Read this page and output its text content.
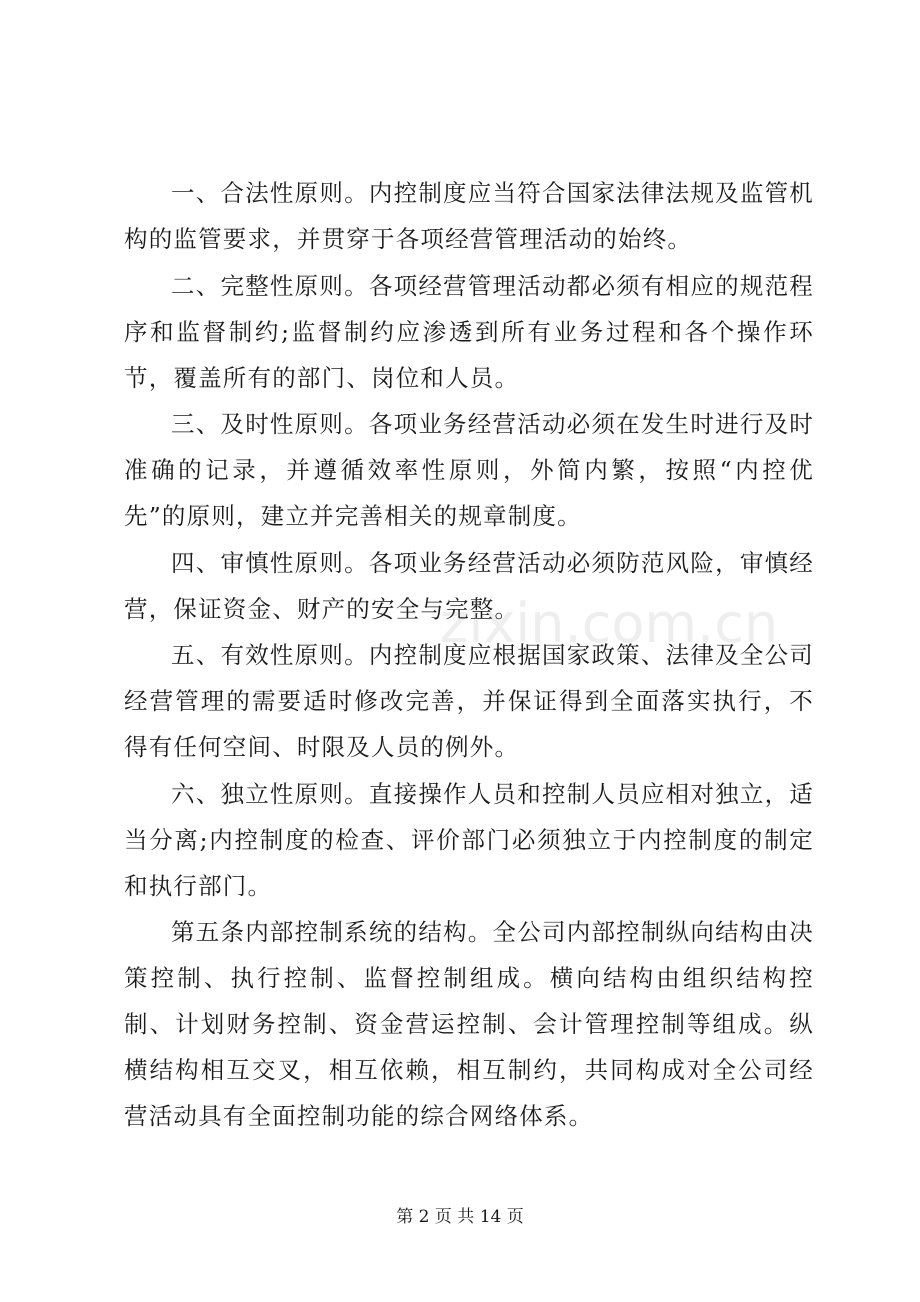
一、合法性原则。内控制度应当符合国家法律法规及监管机构的监管要求，并贯穿于各项经营管理活动的始终。

二、完整性原则。各项经营管理活动都必须有相应的规范程序和监督制约;监督制约应渗透到所有业务过程和各个操作环节，覆盖所有的部门、岗位和人员。

三、及时性原则。各项业务经营活动必须在发生时进行及时准确的记录，并遵循效率性原则，外简内繁，按照“内控优先”的原则，建立并完善相关的规章制度。

四、审慎性原则。各项业务经营活动必须防范风险，审慎经营，保证资金、财产的安全与完整。

五、有效性原则。内控制度应根据国家政策、法律及全公司经营管理的需要适时修改完善，并保证得到全面落实执行，不得有任何空间、时限及人员的例外。

六、独立性原则。直接操作人员和控制人员应相对独立，适当分离;内控制度的检查、评价部门必须独立于内控制度的制定和执行部门。

第五条内部控制系统的结构。全公司内部控制纵向结构由决策控制、执行控制、监督控制组成。横向结构由组织结构控制、计划财务控制、资金营运控制、会计管理控制等组成。纵横结构相互交叉，相互依赖，相互制约，共同构成对全公司经营活动具有全面控制功能的综合网络体系。

zixin.com.cn
第 2 页 共 14 页
